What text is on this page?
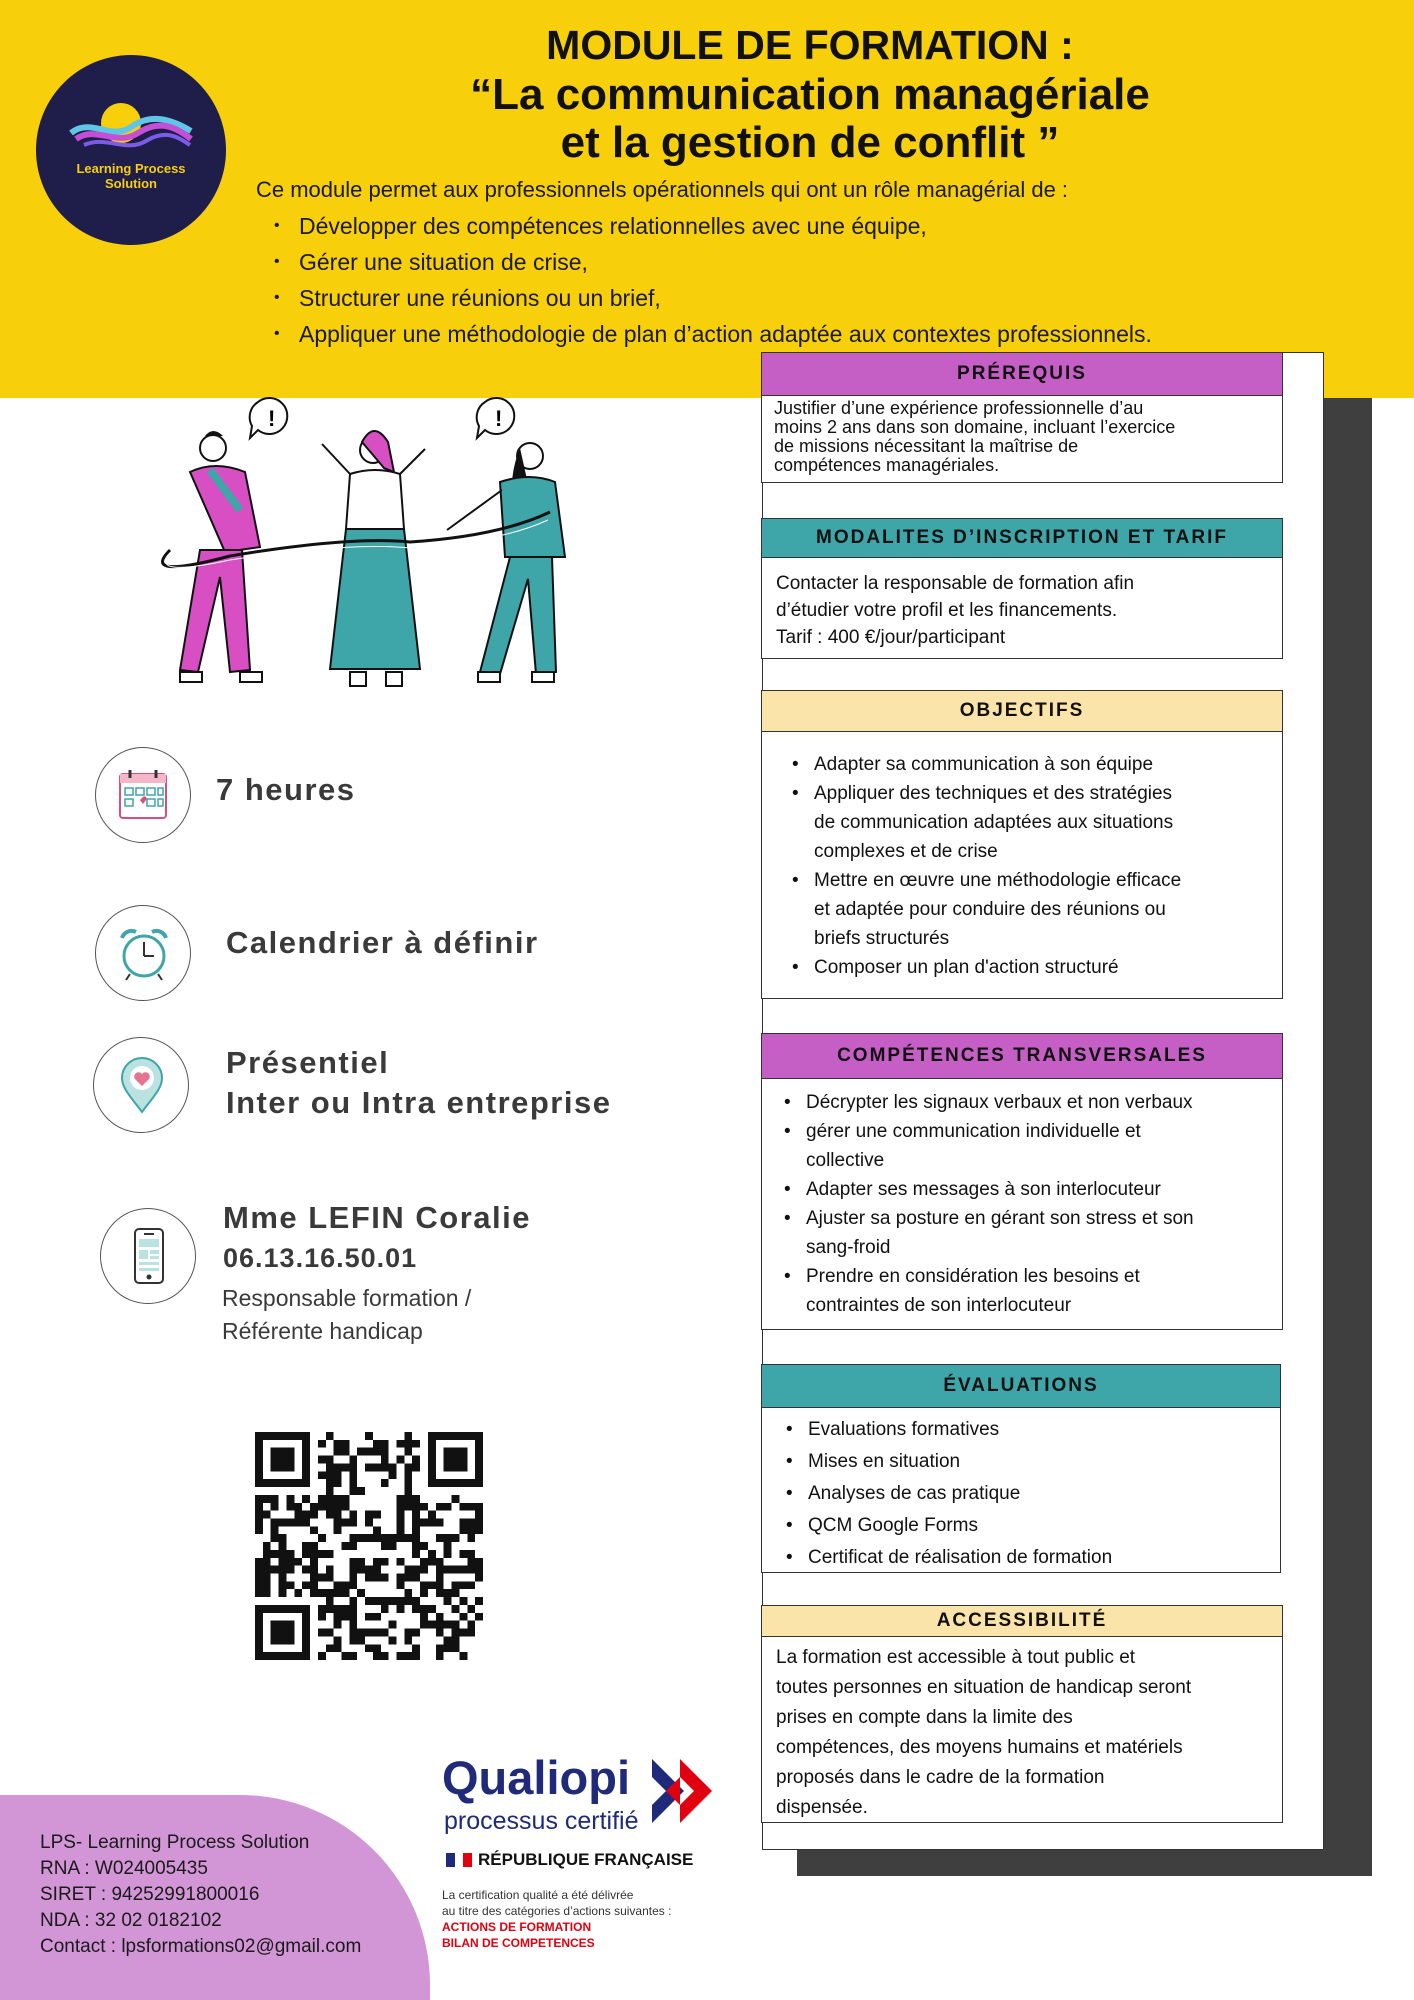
Learning Process
Solution
MODULE DE FORMATION :
“La communication managériale
et la gestion de conflit ”
Ce module permet aux professionnels opérationnels qui ont un rôle managérial de :
• Développer des compétences relationnelles avec une équipe,
• Gérer une situation de crise,
• Structurer une réunions ou un brief,
• Appliquer une méthodologie de plan d’action adaptée aux contextes professionnels.
PRÉREQUIS
Justifier d’une expérience professionnelle d’au
moins 2 ans dans son domaine, incluant l’exercice
de missions nécessitant la maîtrise de
compétences managériales.
MODALITES D’INSCRIPTION ET TARIF
Contacter la responsable de formation afin
d’étudier votre profil et les financements.
Tarif : 400 €/jour/participant
OBJECTIFS
• Adapter sa communication à son équipe
• Appliquer des techniques et des stratégies
de communication adaptées aux situations
complexes et de crise
• Mettre en œuvre une méthodologie efficace
et adaptée pour conduire des réunions ou
briefs structurés
• Composer un plan d'action structuré
COMPÉTENCES TRANSVERSALES
• Décrypter les signaux verbaux et non verbaux
• gérer une communication individuelle et
collective
• Adapter ses messages à son interlocuteur
• Ajuster sa posture en gérant son stress et son
sang-froid
• Prendre en considération les besoins et
contraintes de son interlocuteur
ÉVALUATIONS
• Evaluations formatives
• Mises en situation
• Analyses de cas pratique
• QCM Google Forms
• Certificat de réalisation de formation
ACCESSIBILITÉ
La formation est accessible à tout public et
toutes personnes en situation de handicap seront
prises en compte dans la limite des
compétences, des moyens humains et matériels
proposés dans le cadre de la formation
dispensée.
!	!
7 heures
Calendrier à définir
Présentiel
Inter ou Intra entreprise
Mme LEFIN Coralie
06.13.16.50.01
Responsable formation /
Référente handicap
LPS- Learning Process Solution
RNA : W024005435
SIRET : 94252991800016
NDA : 32 02 0182102
Contact : lpsformations02@gmail.com
Qualiopi
processus certifié
RÉPUBLIQUE FRANÇAISE
La certification qualité a été délivrée
au titre des catégories d’actions suivantes :
ACTIONS DE FORMATION
BILAN DE COMPETENCES
